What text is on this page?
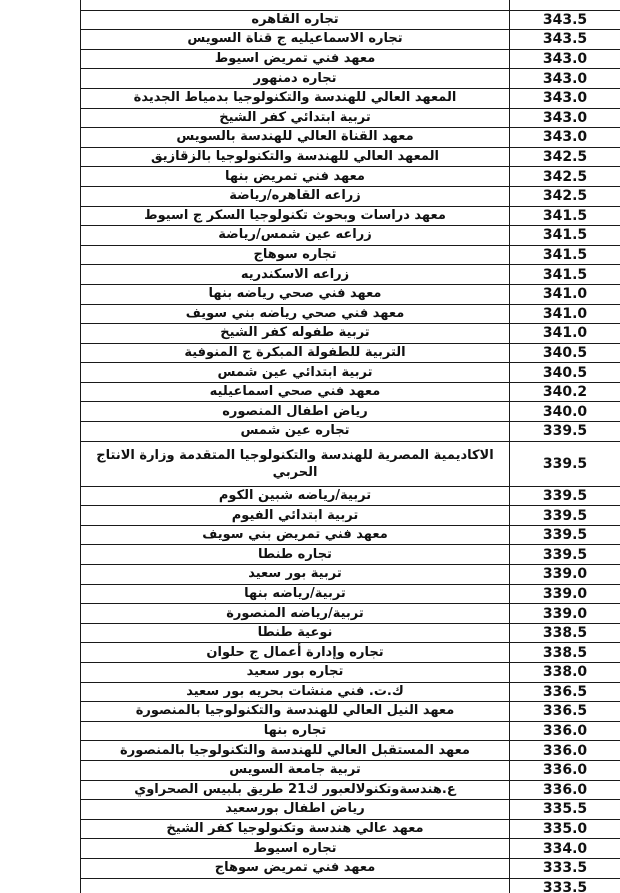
تجاره القاهره	343.5
تجاره الاسماعيليه ج قناة السويس	343.5
معهد فني تمريض اسيوط	343.0
تجاره دمنهور	343.0
المعهد العالي للهندسة والتكنولوجيا بدمياط الجديدة	343.0
تربية ابتدائي كفر الشيخ	343.0
معهد القناة العالي للهندسة بالسويس	343.0
المعهد العالي للهندسة والتكنولوجيا بالزقازيق	342.5
معهد فني تمريض بنها	342.5
زراعه القاهره/رياضة	342.5
معهد دراسات وبحوث تكنولوجيا السكر ج اسيوط	341.5
زراعه عين شمس/رياضة	341.5
تجاره سوهاج	341.5
زراعه الاسكندريه	341.5
معهد فني صحي رياضه بنها	341.0
معهد فني صحي رياضه بني سويف	341.0
تربية طفوله كفر الشيخ	341.0
التربية للطفولة المبكرة ج المنوفية	340.5
تربية ابتدائي عين شمس	340.5
معهد فني صحي اسماعيليه	340.2
رياض اطفال المنصوره	340.0
تجاره عين شمس	339.5
الاكاديمية المصرية للهندسة والتكنولوجيا المتقدمة وزارة الانتاج الحربي	339.5
تربية/رياضه شبين الكوم	339.5
تربية ابتدائي الفيوم	339.5
معهد فني تمريض بني سويف	339.5
تجاره طنطا	339.5
تربية بور سعيد	339.0
تربية/رياضه بنها	339.0
تربية/رياضه المنصورة	339.0
نوعية طنطا	338.5
تجاره وإدارة أعمال ج حلوان	338.5
تجاره بور سعيد	338.0
ك.ت. فني منشات بحريه بور سعيد	336.5
معهد النيل العالي للهندسة والتكنولوجيا بالمنصورة	336.5
تجاره بنها	336.0
معهد المستقبل العالي للهندسة والتكنولوجيا بالمنصورة	336.0
تربية جامعة السويس	336.0
ع.هندسةوتكنولالعبور ك21 طريق بلبيس الصحراوي	336.0
رياض اطفال بورسعيد	335.5
معهد عالي هندسة وتكنولوجيا كفر الشيخ	335.0
تجاره اسيوط	334.0
معهد فني تمريض سوهاج	333.5
	333.5
